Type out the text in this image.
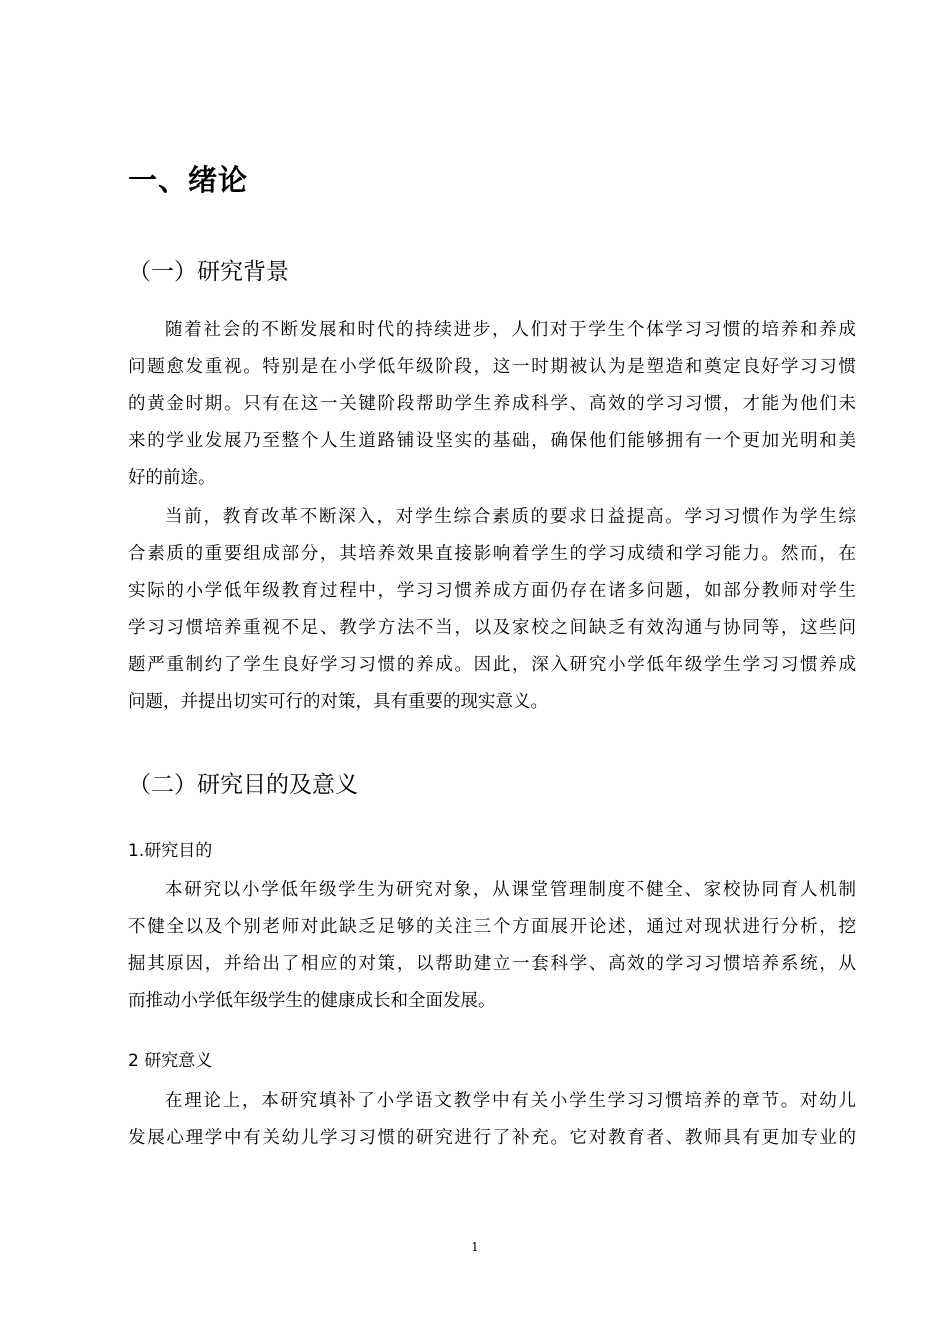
一、绪论
（一）研究背景
随着社会的不断发展和时代的持续进步，人们对于学生个体学习习惯的培养和养成
问题愈发重视。特别是在小学低年级阶段，这一时期被认为是塑造和奠定良好学习习惯
的黄金时期。只有在这一关键阶段帮助学生养成科学、高效的学习习惯，才能为他们未
来的学业发展乃至整个人生道路铺设坚实的基础，确保他们能够拥有一个更加光明和美
好的前途。
当前，教育改革不断深入，对学生综合素质的要求日益提高。学习习惯作为学生综
合素质的重要组成部分，其培养效果直接影响着学生的学习成绩和学习能力。然而，在
实际的小学低年级教育过程中，学习习惯养成方面仍存在诸多问题，如部分教师对学生
学习习惯培养重视不足、教学方法不当，以及家校之间缺乏有效沟通与协同等，这些问
题严重制约了学生良好学习习惯的养成。因此，深入研究小学低年级学生学习习惯养成
问题，并提出切实可行的对策，具有重要的现实意义。
（二）研究目的及意义
1.研究目的
本研究以小学低年级学生为研究对象，从课堂管理制度不健全、家校协同育人机制
不健全以及个别老师对此缺乏足够的关注三个方面展开论述，通过对现状进行分析，挖
掘其原因，并给出了相应的对策，以帮助建立一套科学、高效的学习习惯培养系统，从
而推动小学低年级学生的健康成长和全面发展。
2 研究意义
在理论上，本研究填补了小学语文教学中有关小学生学习习惯培养的章节。对幼儿
发展心理学中有关幼儿学习习惯的研究进行了补充。它对教育者、教师具有更加专业的
1
